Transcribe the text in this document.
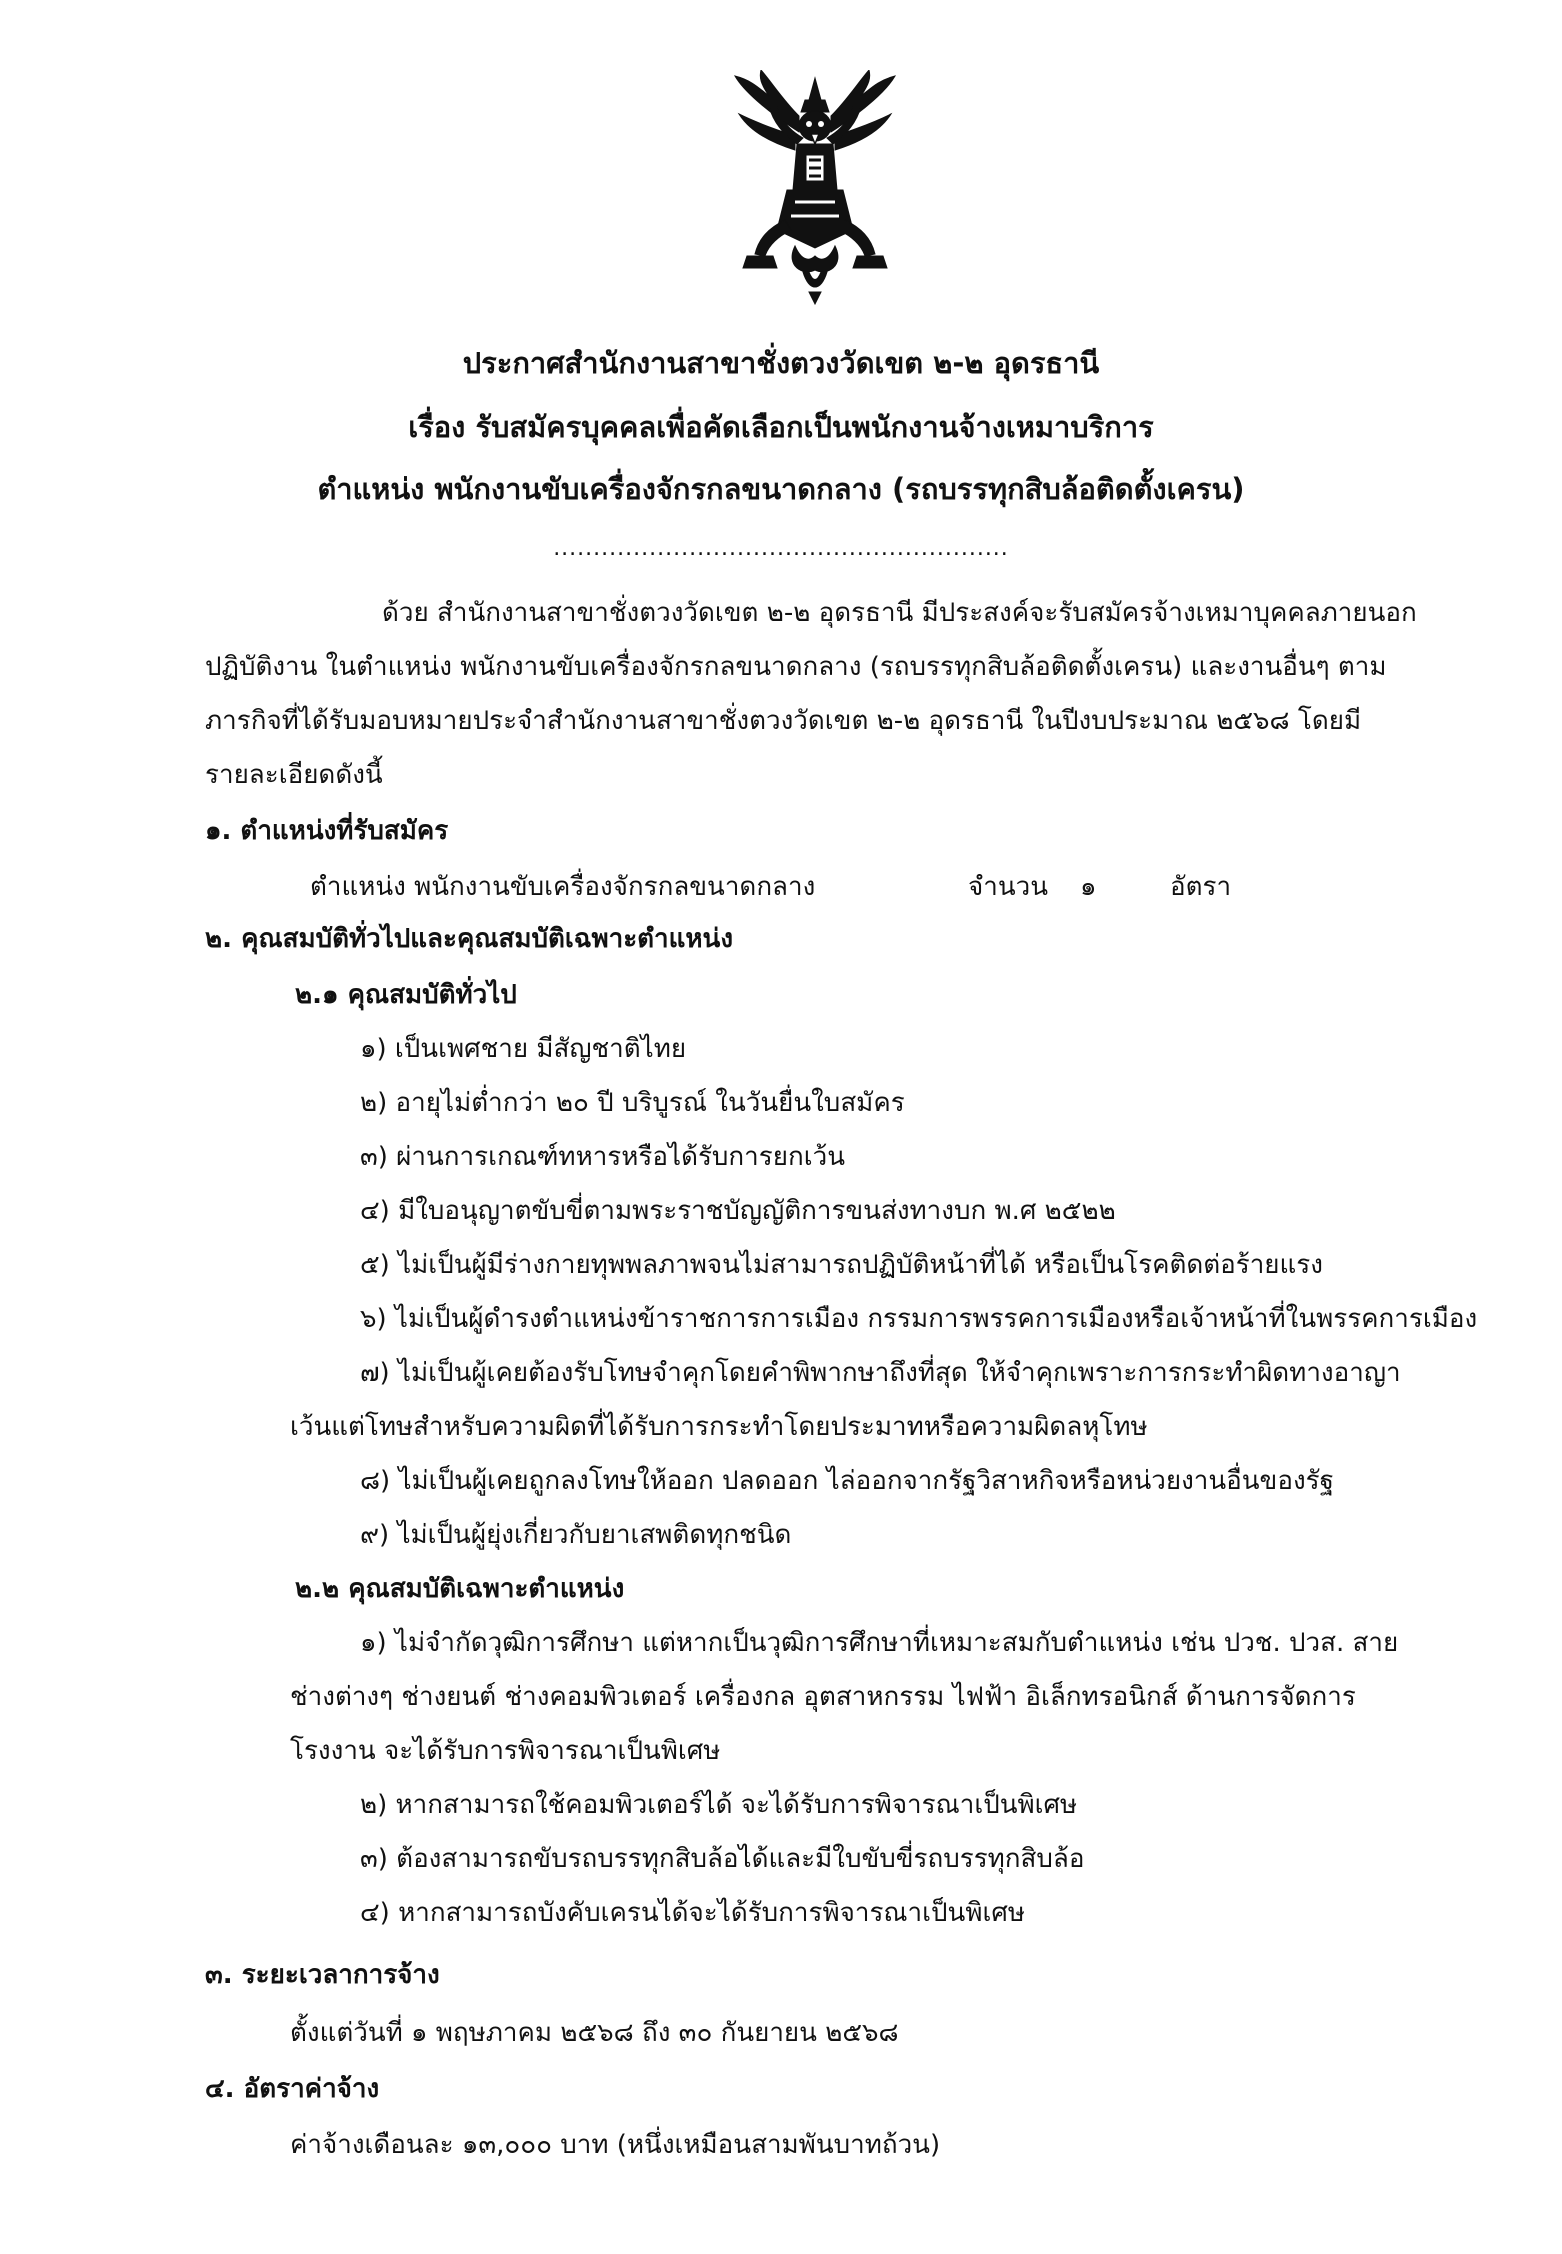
ประกาศสำนักงานสาขาชั่งตวงวัดเขต ๒-๒ อุดรธานี
เรื่อง รับสมัครบุคคลเพื่อคัดเลือกเป็นพนักงานจ้างเหมาบริการ
ตำแหน่ง พนักงานขับเครื่องจักรกลขนาดกลาง (รถบรรทุกสิบล้อติดตั้งเครน)
.........................................................
ด้วย สำนักงานสาขาชั่งตวงวัดเขต ๒-๒ อุดรธานี มีประสงค์จะรับสมัครจ้างเหมาบุคคลภายนอก
ปฏิบัติงาน ในตำแหน่ง พนักงานขับเครื่องจักรกลขนาดกลาง (รถบรรทุกสิบล้อติดตั้งเครน) และงานอื่นๆ ตาม
ภารกิจที่ได้รับมอบหมายประจำสำนักงานสาขาชั่งตวงวัดเขต ๒-๒ อุดรธานี ในปีงบประมาณ ๒๕๖๘ โดยมี
รายละเอียดดังนี้
๑. ตำแหน่งที่รับสมัคร
ตำแหน่ง พนักงานขับเครื่องจักรกลขนาดกลาง	จำนวน ๑	อัตรา
๒. คุณสมบัติทั่วไปและคุณสมบัติเฉพาะตำแหน่ง
๒.๑ คุณสมบัติทั่วไป
๑) เป็นเพศชาย มีสัญชาติไทย
๒) อายุไม่ต่ำกว่า ๒๐ ปี บริบูรณ์ ในวันยื่นใบสมัคร
๓) ผ่านการเกณฑ์ทหารหรือได้รับการยกเว้น
๔) มีใบอนุญาตขับขี่ตามพระราชบัญญัติการขนส่งทางบก พ.ศ ๒๕๒๒
๕) ไม่เป็นผู้มีร่างกายทุพพลภาพจนไม่สามารถปฏิบัติหน้าที่ได้ หรือเป็นโรคติดต่อร้ายแรง
๖) ไม่เป็นผู้ดำรงตำแหน่งข้าราชการการเมือง กรรมการพรรคการเมืองหรือเจ้าหน้าที่ในพรรคการเมือง
๗) ไม่เป็นผู้เคยต้องรับโทษจำคุกโดยคำพิพากษาถึงที่สุด ให้จำคุกเพราะการกระทำผิดทางอาญา
เว้นแต่โทษสำหรับความผิดที่ได้รับการกระทำโดยประมาทหรือความผิดลหุโทษ
๘) ไม่เป็นผู้เคยถูกลงโทษให้ออก ปลดออก ไล่ออกจากรัฐวิสาหกิจหรือหน่วยงานอื่นของรัฐ
๙) ไม่เป็นผู้ยุ่งเกี่ยวกับยาเสพติดทุกชนิด
๒.๒ คุณสมบัติเฉพาะตำแหน่ง
๑) ไม่จำกัดวุฒิการศึกษา แต่หากเป็นวุฒิการศึกษาที่เหมาะสมกับตำแหน่ง เช่น ปวช. ปวส. สาย
ช่างต่างๆ ช่างยนต์ ช่างคอมพิวเตอร์ เครื่องกล อุตสาหกรรม ไฟฟ้า อิเล็กทรอนิกส์ ด้านการจัดการ
โรงงาน จะได้รับการพิจารณาเป็นพิเศษ
๒) หากสามารถใช้คอมพิวเตอร์ได้ จะได้รับการพิจารณาเป็นพิเศษ
๓) ต้องสามารถขับรถบรรทุกสิบล้อได้และมีใบขับขี่รถบรรทุกสิบล้อ
๔) หากสามารถบังคับเครนได้จะได้รับการพิจารณาเป็นพิเศษ
๓. ระยะเวลาการจ้าง
ตั้งแต่วันที่ ๑ พฤษภาคม ๒๕๖๘ ถึง ๓๐ กันยายน ๒๕๖๘
๔. อัตราค่าจ้าง
ค่าจ้างเดือนละ ๑๓,๐๐๐ บาท (หนึ่งเหมือนสามพันบาทถ้วน)
